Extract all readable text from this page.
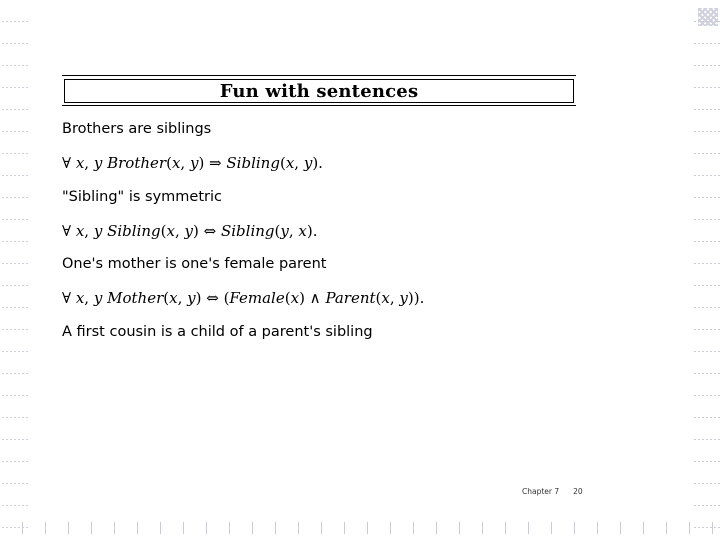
Fun with sentences
Brothers are siblings
∀ x, y Brother(x, y) ⇒ Sibling(x, y).
"Sibling" is symmetric
∀ x, y Sibling(x, y) ⇔ Sibling(y, x).
One's mother is one's female parent
∀ x, y Mother(x, y) ⇔ (Female(x) ∧ Parent(x, y)).
A first cousin is a child of a parent's sibling
Chapter 7 20
